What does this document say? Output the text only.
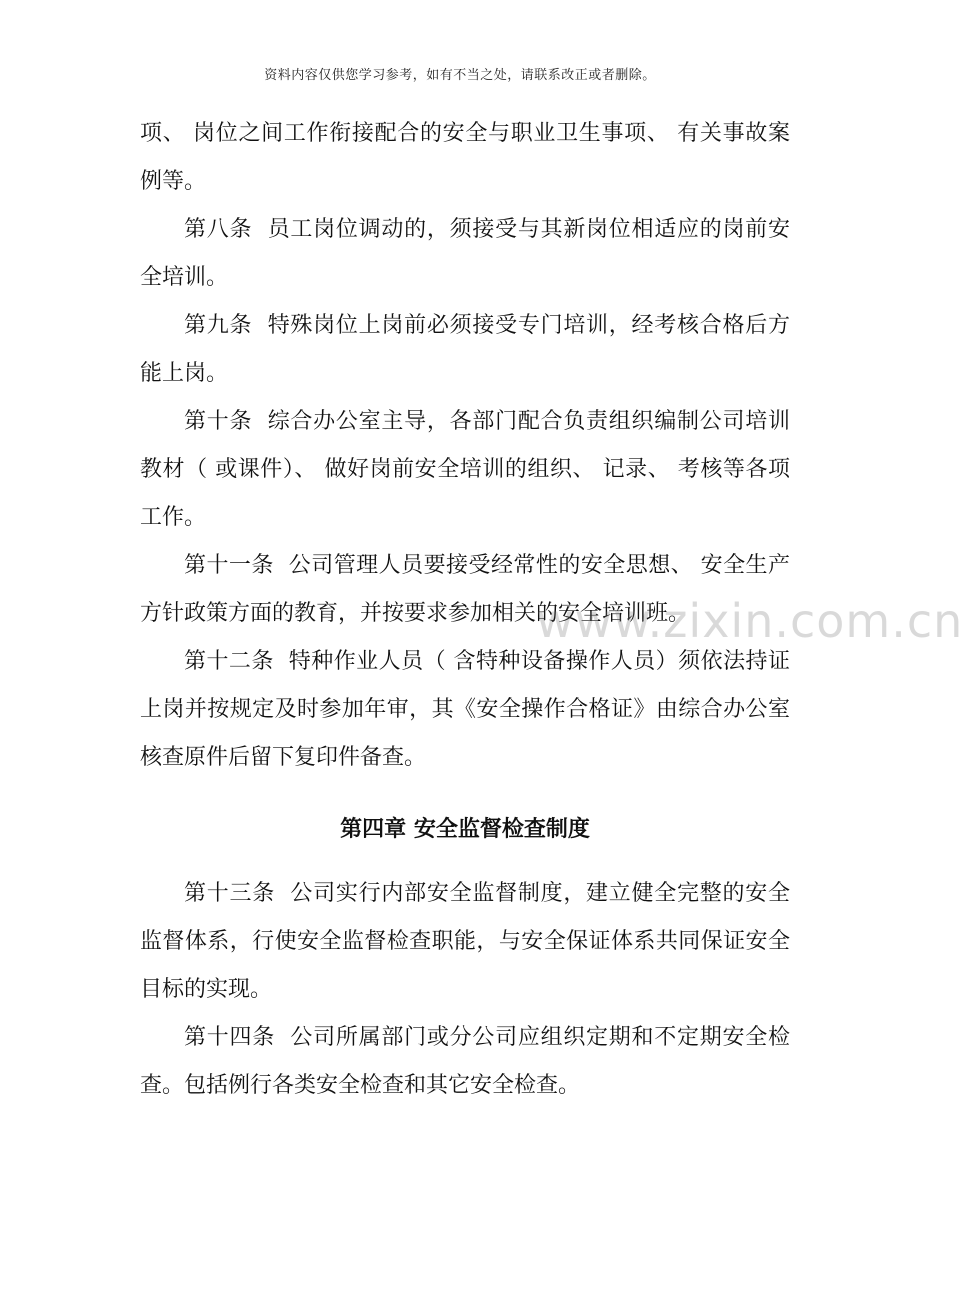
资料内容仅供您学习参考，如有不当之处，请联系改正或者删除。

项、 岗位之间工作衔接配合的安全与职业卫生事项、 有关事故案例等。

第八条  员工岗位调动的，须接受与其新岗位相适应的岗前安全培训。

第九条  特殊岗位上岗前必须接受专门培训，经考核合格后方能上岗。

第十条  综合办公室主导，各部门配合负责组织编制公司培训教材（ 或课件）、 做好岗前安全培训的组织、 记录、 考核等各项工作。

第十一条  公司管理人员要接受经常性的安全思想、 安全生产方针政策方面的教育，并按要求参加相关的安全培训班。

第十二条  特种作业人员（ 含特种设备操作人员）须依法持证上岗并按规定及时参加年审，其《安全操作合格证》由综合办公室核查原件后留下复印件备查。

第四章 安全监督检查制度

第十三条  公司实行内部安全监督制度，建立健全完整的安全监督体系，行使安全监督检查职能，与安全保证体系共同保证安全目标的实现。

第十四条  公司所属部门或分公司应组织定期和不定期安全检查。包括例行各类安全检查和其它安全检查。

www.zixin.com.cn
